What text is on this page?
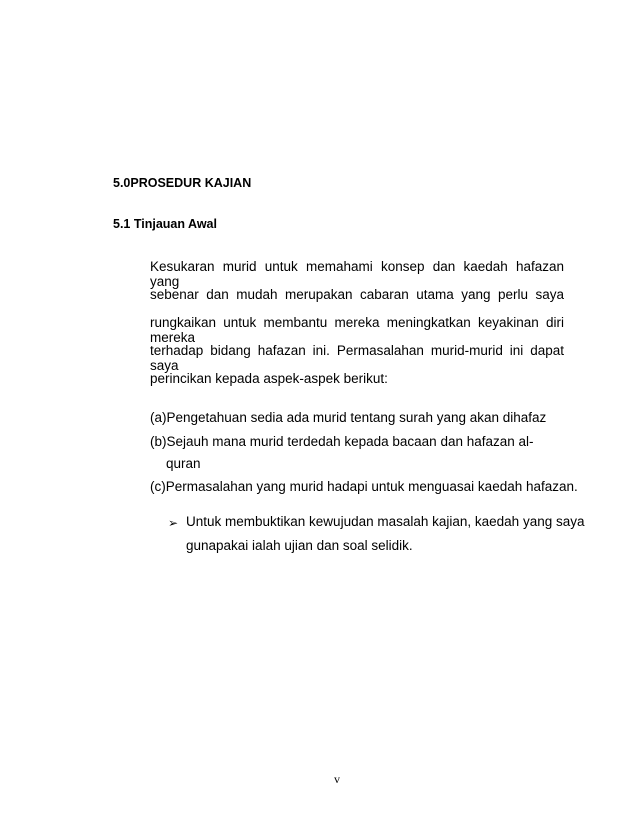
5.0PROSEDUR KAJIAN
5.1 Tinjauan Awal
Kesukaran murid untuk memahami konsep dan kaedah hafazan yang
sebenar dan mudah merupakan cabaran utama yang perlu saya
rungkaikan untuk membantu mereka meningkatkan keyakinan diri mereka
terhadap bidang hafazan ini. Permasalahan murid-murid ini dapat saya
perincikan kepada aspek-aspek berikut:
(a)Pengetahuan sedia ada murid tentang surah yang akan dihafaz
(b)Sejauh mana murid terdedah kepada bacaan dan hafazan al-
quran
(c)Permasalahan yang murid hadapi untuk menguasai kaedah hafazan.
➢ Untuk membuktikan kewujudan masalah kajian, kaedah yang saya
gunapakai ialah ujian dan soal selidik.
v
